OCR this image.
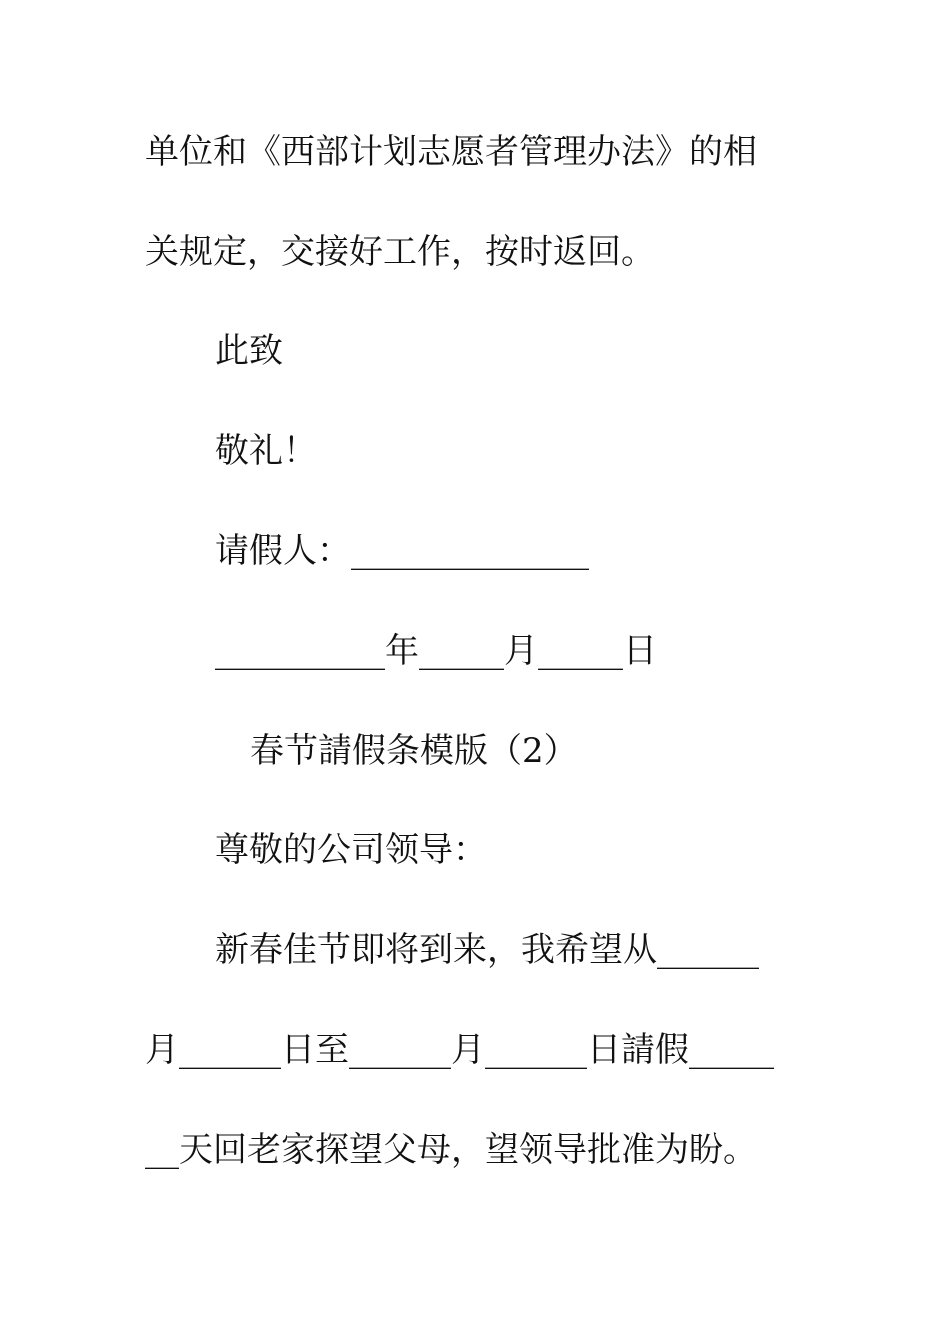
单位和《西部计划志愿者管理办法》的相
关规定，交接好工作，按时返回。
此致
敬礼！
请假人：______________
__________年_____月_____日
春节請假条模版（2）
尊敬的公司领导：
新春佳节即将到来，我希望从______
月______日至______月______日請假_____
__天回老家探望父母，望领导批准为盼。
